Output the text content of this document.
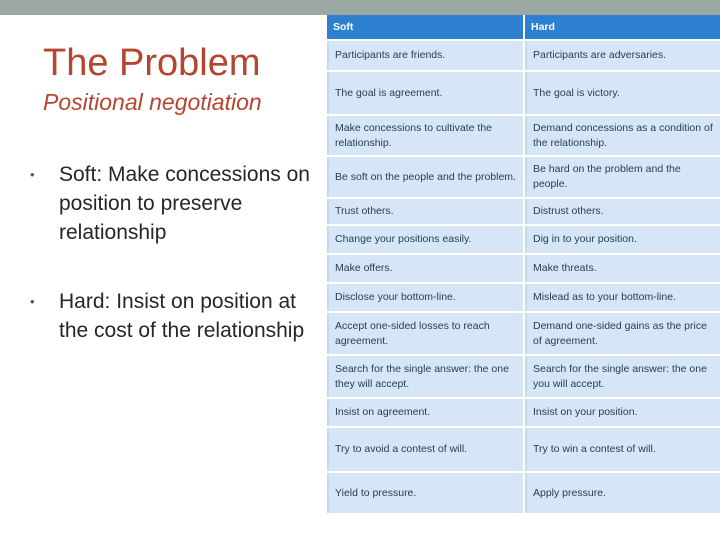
The Problem
Positional negotiation
• Soft: Make concessions on position to preserve relationship
• Hard: Insist on position at the cost of the relationship
Soft	Hard
Participants are friends.	Participants are adversaries.
The goal is agreement.	The goal is victory.
Make concessions to cultivate the relationship.	Demand concessions as a condition of the relationship.
Be soft on the people and the problem.	Be hard on the problem and the people.
Trust others.	Distrust others.
Change your positions easily.	Dig in to your position.
Make offers.	Make threats.
Disclose your bottom-line.	Mislead as to your bottom-line.
Accept one-sided losses to reach agreement.	Demand one-sided gains as the price of agreement.
Search for the single answer: the one they will accept.	Search for the single answer: the one you will accept.
Insist on agreement.	Insist on your position.
Try to avoid a contest of will.	Try to win a contest of will.
Yield to pressure.	Apply pressure.
